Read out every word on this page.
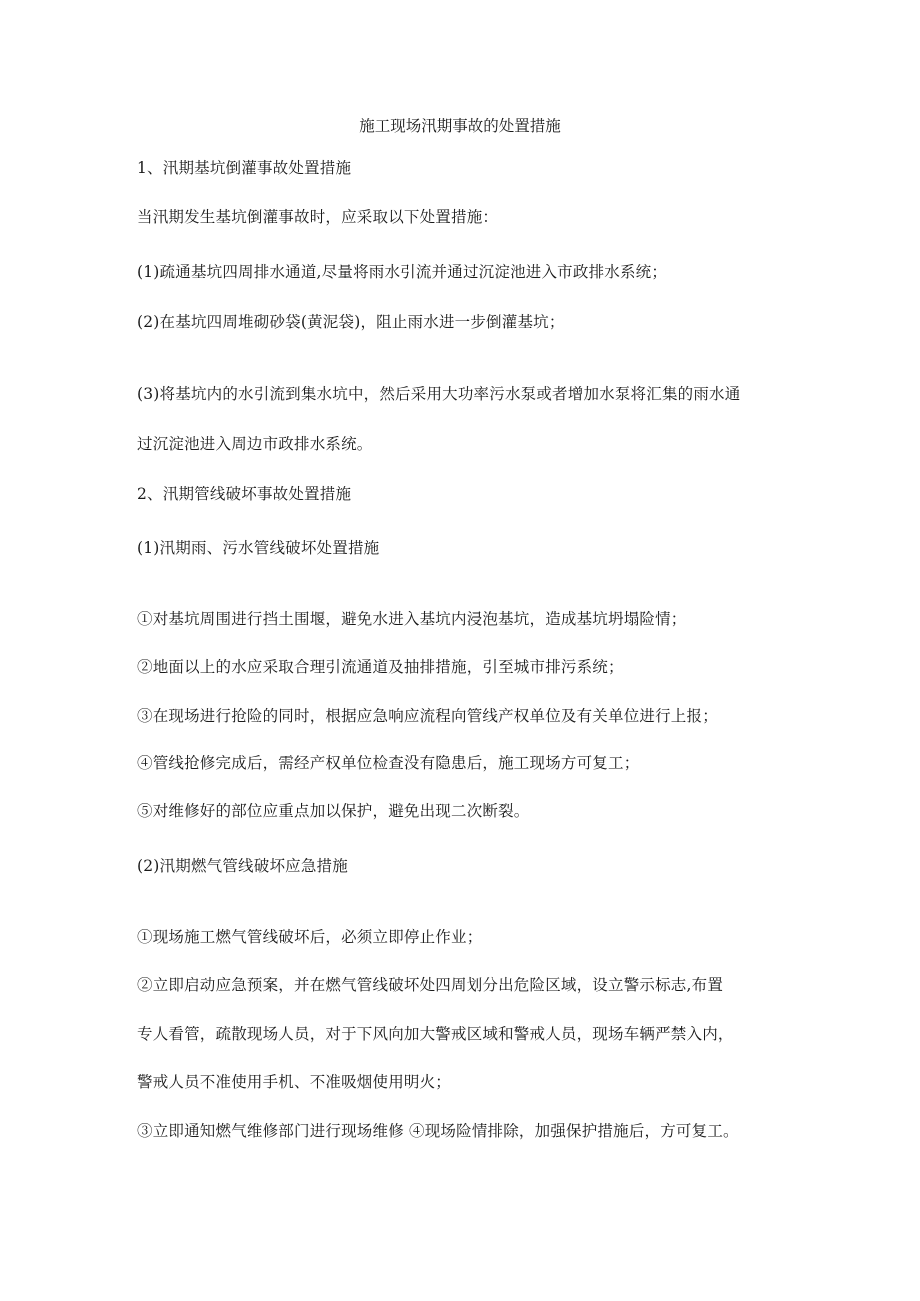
施工现场汛期事故的处置措施
1、汛期基坑倒灌事故处置措施
当汛期发生基坑倒灌事故时，应采取以下处置措施：
(1)疏通基坑四周排水通道,尽量将雨水引流并通过沉淀池进入市政排水系统；
(2)在基坑四周堆砌砂袋(黄泥袋)，阻止雨水进一步倒灌基坑；
(3)将基坑内的水引流到集水坑中，然后采用大功率污水泵或者增加水泵将汇集的雨水通
过沉淀池进入周边市政排水系统。
2、汛期管线破坏事故处置措施
(1)汛期雨、污水管线破坏处置措施
①对基坑周围进行挡土围堰，避免水进入基坑内浸泡基坑，造成基坑坍塌险情；
②地面以上的水应采取合理引流通道及抽排措施，引至城市排污系统；
③在现场进行抢险的同时，根据应急响应流程向管线产权单位及有关单位进行上报；
④管线抢修完成后，需经产权单位检查没有隐患后，施工现场方可复工；
⑤对维修好的部位应重点加以保护，避免出现二次断裂。
(2)汛期燃气管线破坏应急措施
①现场施工燃气管线破坏后，必须立即停止作业；
②立即启动应急预案，并在燃气管线破坏处四周划分出危险区域，设立警示标志,布置
专人看管，疏散现场人员，对于下风向加大警戒区域和警戒人员，现场车辆严禁入内，
警戒人员不准使用手机、不准吸烟使用明火；
③立即通知燃气维修部门进行现场维修 ④现场险情排除，加强保护措施后，方可复工。
